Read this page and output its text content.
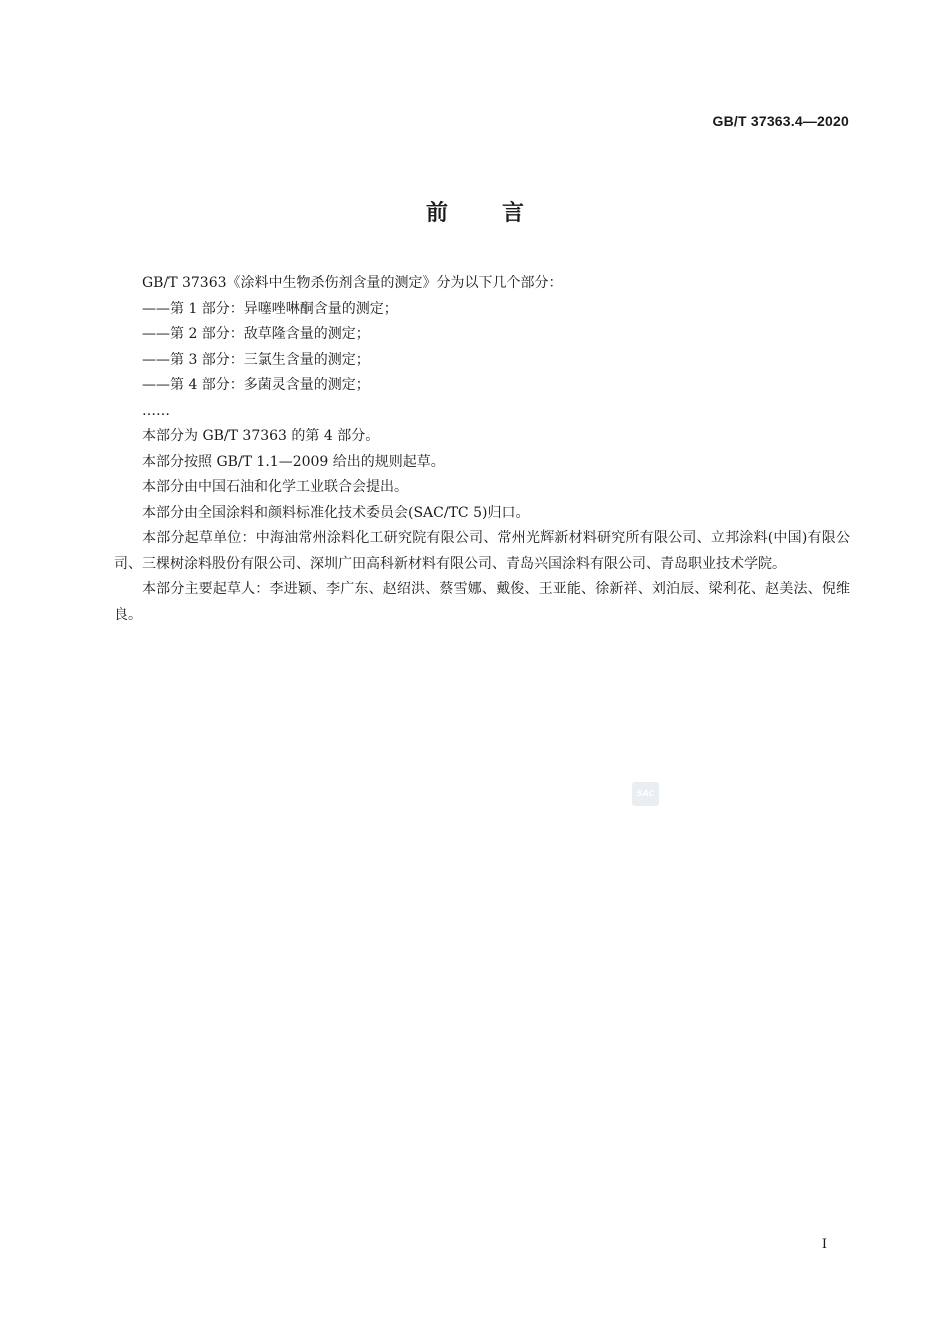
GB/T 37363.4—2020
前言

GB/T 37363《涂料中生物杀伤剂含量的测定》分为以下几个部分：

——第 1 部分：异噻唑啉酮含量的测定；

——第 2 部分：敌草隆含量的测定；

——第 3 部分：三氯生含量的测定；

——第 4 部分：多菌灵含量的测定；

……

本部分为 GB/T 37363 的第 4 部分。

本部分按照 GB/T 1.1—2009 给出的规则起草。

本部分由中国石油和化学工业联合会提出。

本部分由全国涂料和颜料标准化技术委员会(SAC/TC 5)归口。

本部分起草单位：中海油常州涂料化工研究院有限公司、常州光辉新材料研究所有限公司、立邦涂料(中国)有限公司、三棵树涂料股份有限公司、深圳广田高科新材料有限公司、青岛兴国涂料有限公司、青岛职业技术学院。

本部分主要起草人：李进颖、李广东、赵绍洪、蔡雪娜、戴俊、王亚能、徐新祥、刘泊辰、梁利花、赵美法、倪维良。

SAC
I
